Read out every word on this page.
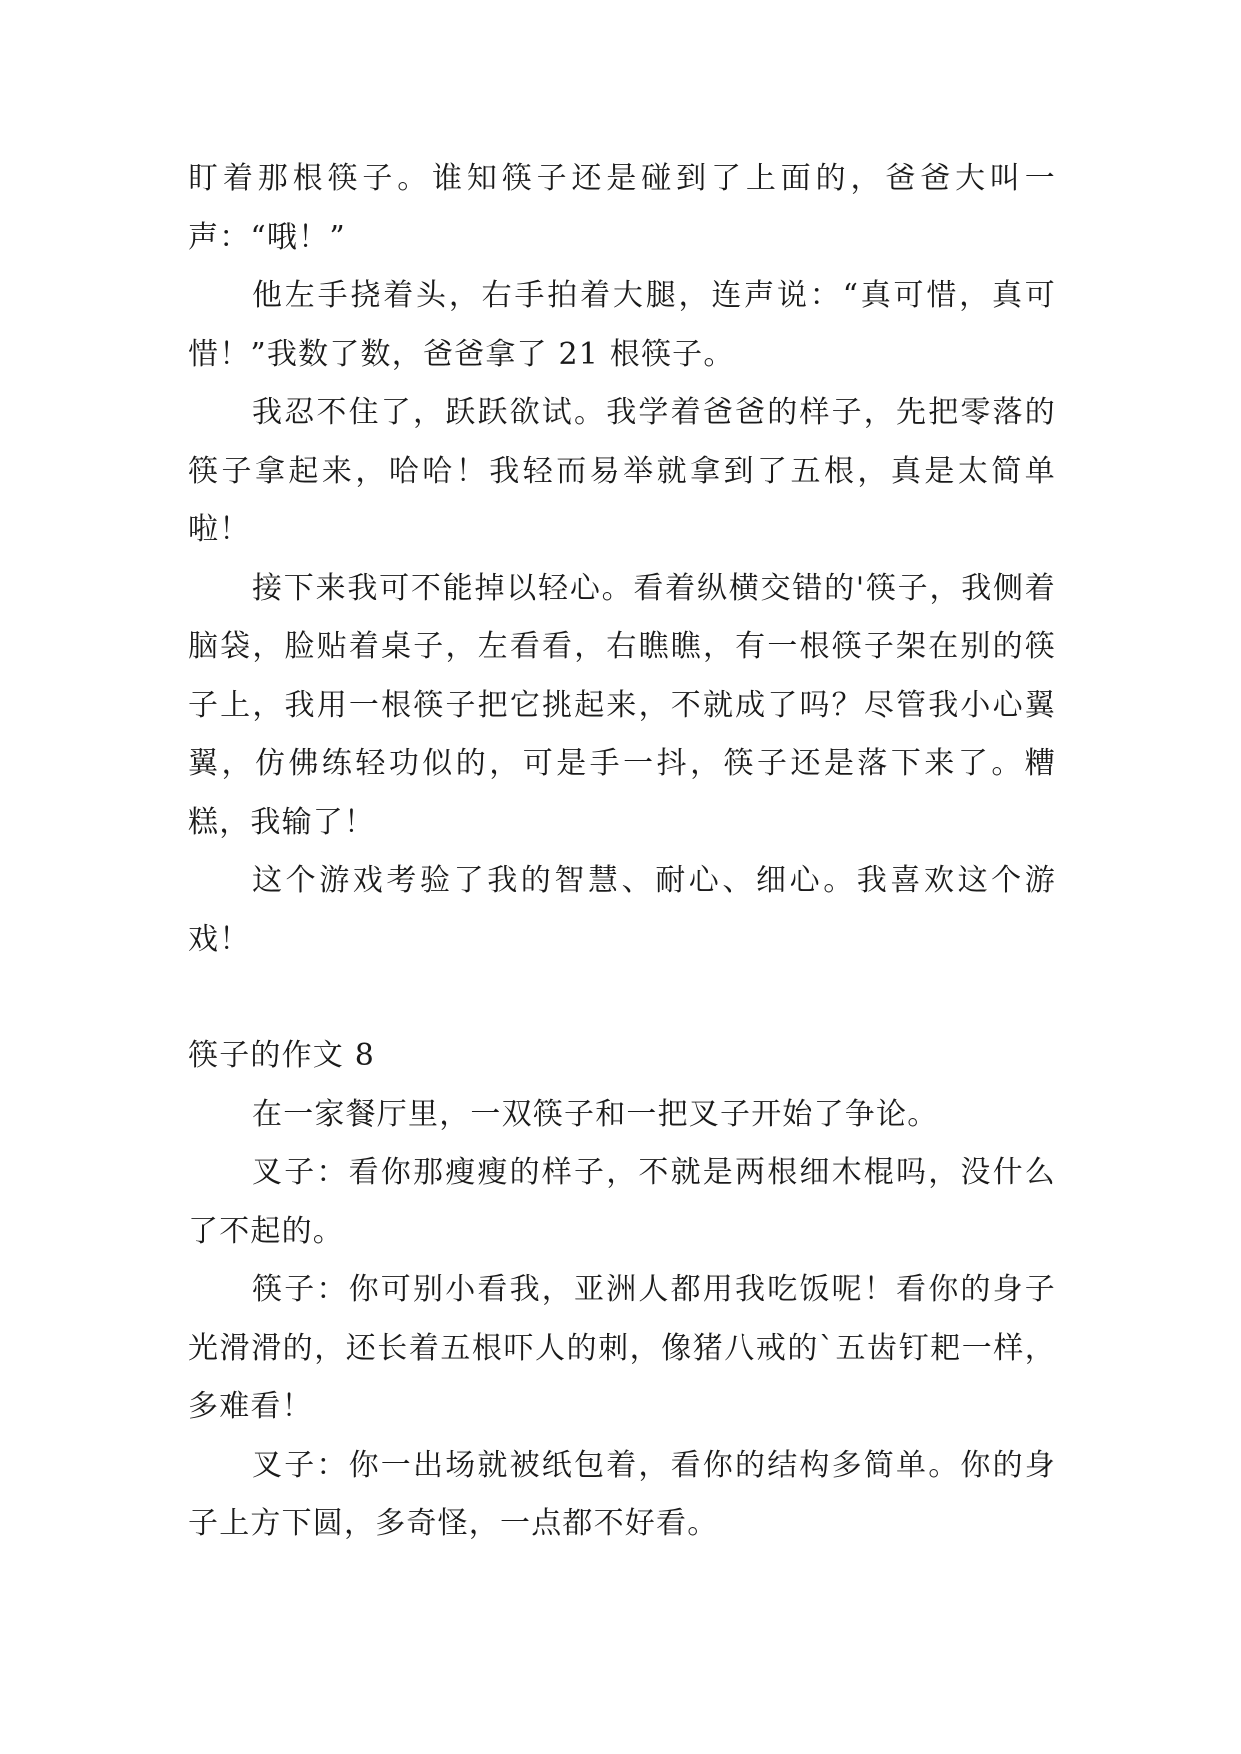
盯着那根筷子。谁知筷子还是碰到了上面的，爸爸大叫一声：“哦！”

他左手挠着头，右手拍着大腿，连声说：“真可惜，真可惜！”我数了数，爸爸拿了 21 根筷子。

我忍不住了，跃跃欲试。我学着爸爸的样子，先把零落的筷子拿起来，哈哈！我轻而易举就拿到了五根，真是太简单啦！

接下来我可不能掉以轻心。看着纵横交错的'筷子，我侧着脑袋，脸贴着桌子，左看看，右瞧瞧，有一根筷子架在别的筷子上，我用一根筷子把它挑起来，不就成了吗？尽管我小心翼翼，仿佛练轻功似的，可是手一抖，筷子还是落下来了。糟糕，我输了！

这个游戏考验了我的智慧、耐心、细心。我喜欢这个游戏！

筷子的作文 8

在一家餐厅里，一双筷子和一把叉子开始了争论。

叉子：看你那瘦瘦的样子，不就是两根细木棍吗，没什么了不起的。

筷子：你可别小看我，亚洲人都用我吃饭呢！看你的身子光滑滑的，还长着五根吓人的刺，像猪八戒的`五齿钉耙一样，多难看！

叉子：你一出场就被纸包着，看你的结构多简单。你的身子上方下圆，多奇怪，一点都不好看。
